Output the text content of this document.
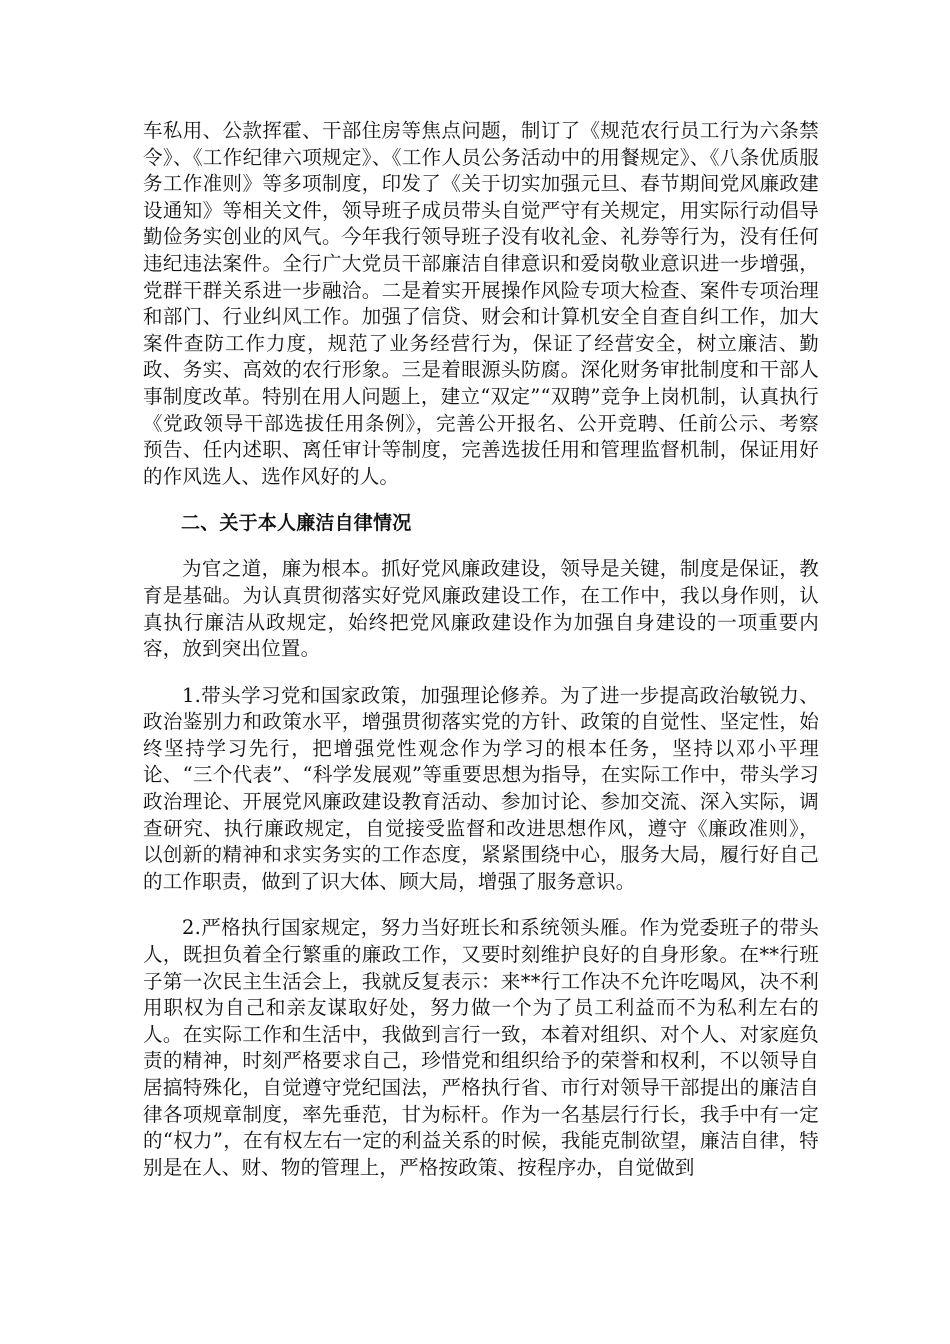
车私用、公款挥霍、干部住房等焦点问题，制订了《规范农行员工行为六条禁令》、《工作纪律六项规定》、《工作人员公务活动中的用餐规定》、《八条优质服务工作准则》等多项制度，印发了《关于切实加强元旦、春节期间党风廉政建设通知》等相关文件，领导班子成员带头自觉严守有关规定，用实际行动倡导勤俭务实创业的风气。今年我行领导班子没有收礼金、礼券等行为，没有任何违纪违法案件。全行广大党员干部廉洁自律意识和爱岗敬业意识进一步增强，党群干群关系进一步融洽。二是着实开展操作风险专项大检查、案件专项治理和部门、行业纠风工作。加强了信贷、财会和计算机安全自查自纠工作，加大案件查防工作力度，规范了业务经营行为，保证了经营安全，树立廉洁、勤政、务实、高效的农行形象。三是着眼源头防腐。深化财务审批制度和干部人事制度改革。特别在用人问题上，建立“双定”“双聘”竞争上岗机制，认真执行《党政领导干部选拔任用条例》，完善公开报名、公开竞聘、任前公示、考察预告、任内述职、离任审计等制度，完善选拔任用和管理监督机制，保证用好的作风选人、选作风好的人。

二、关于本人廉洁自律情况

为官之道，廉为根本。抓好党风廉政建设，领导是关键，制度是保证，教育是基础。为认真贯彻落实好党风廉政建设工作，在工作中，我以身作则，认真执行廉洁从政规定，始终把党风廉政建设作为加强自身建设的一项重要内容，放到突出位置。

1.带头学习党和国家政策，加强理论修养。为了进一步提高政治敏锐力、政治鉴别力和政策水平，增强贯彻落实党的方针、政策的自觉性、坚定性，始终坚持学习先行，把增强党性观念作为学习的根本任务，坚持以邓小平理论、“三个代表”、“科学发展观”等重要思想为指导，在实际工作中，带头学习政治理论、开展党风廉政建设教育活动、参加讨论、参加交流、深入实际，调查研究、执行廉政规定，自觉接受监督和改进思想作风，遵守《廉政准则》，以创新的精神和求实务实的工作态度，紧紧围绕中心，服务大局，履行好自己的工作职责，做到了识大体、顾大局，增强了服务意识。

2.严格执行国家规定，努力当好班长和系统领头雁。作为党委班子的带头人，既担负着全行繁重的廉政工作，又要时刻维护良好的自身形象。在**行班子第一次民主生活会上，我就反复表示：来**行工作决不允许吃喝风，决不利用职权为自己和亲友谋取好处，努力做一个为了员工利益而不为私利左右的人。在实际工作和生活中，我做到言行一致，本着对组织、对个人、对家庭负责的精神，时刻严格要求自己，珍惜党和组织给予的荣誉和权利，不以领导自居搞特殊化，自觉遵守党纪国法，严格执行省、市行对领导干部提出的廉洁自律各项规章制度，率先垂范，甘为标杆。作为一名基层行行长，我手中有一定的“权力”，在有权左右一定的利益关系的时候，我能克制欲望，廉洁自律，特别是在人、财、物的管理上，严格按政策、按程序办，自觉做到
